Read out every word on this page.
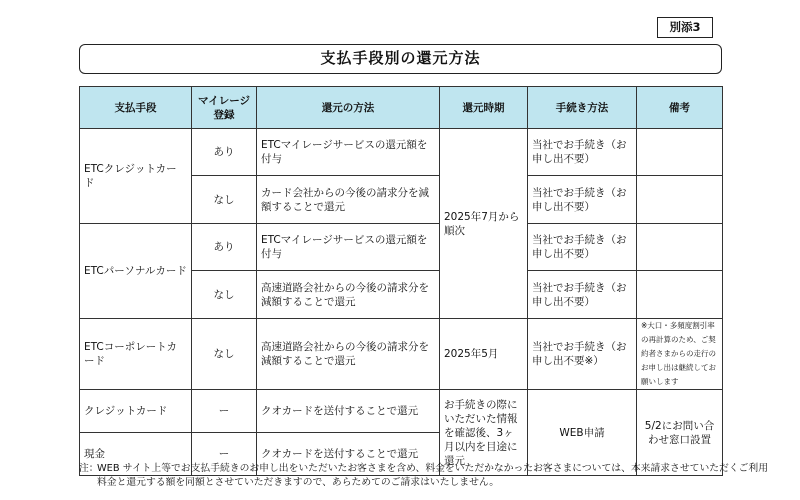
別添3
支払手段別の還元方法
支払手段	マイレージ登録	還元の方法	還元時期	手続き方法	備考
ETCクレジットカード	あり	ETCマイレージサービスの還元額を付与	2025年7月から順次	当社でお手続き（お申し出不要）	
	なし	カード会社からの今後の請求分を減額することで還元		当社でお手続き（お申し出不要）	
ETCパーソナルカード	あり	ETCマイレージサービスの還元額を付与		当社でお手続き（お申し出不要）	
	なし	高速道路会社からの今後の請求分を減額することで還元		当社でお手続き（お申し出不要）	
ETCコーポレートカード	なし	高速道路会社からの今後の請求分を減額することで還元	2025年5月	当社でお手続き（お申し出不要※）	※大口・多頻度割引率の再計算のため、ご契約者さまからの走行のお申し出は継続してお願いします
クレジットカード	ー	クオカードを送付することで還元	お手続きの際にいただいた情報を確認後、3ヶ月以内を目途に還元	WEB申請	5/2にお問い合わせ窓口設置
現金	ー	クオカードを送付することで還元			
注：
WEB サイト上等でお支払手続きのお申し出をいただいたお客さまを含め、料金をいただかなかったお客さまについては、本来請求させていただくご利用料金と還元する額を同額とさせていただきますので、あらためてのご請求はいたしません。
